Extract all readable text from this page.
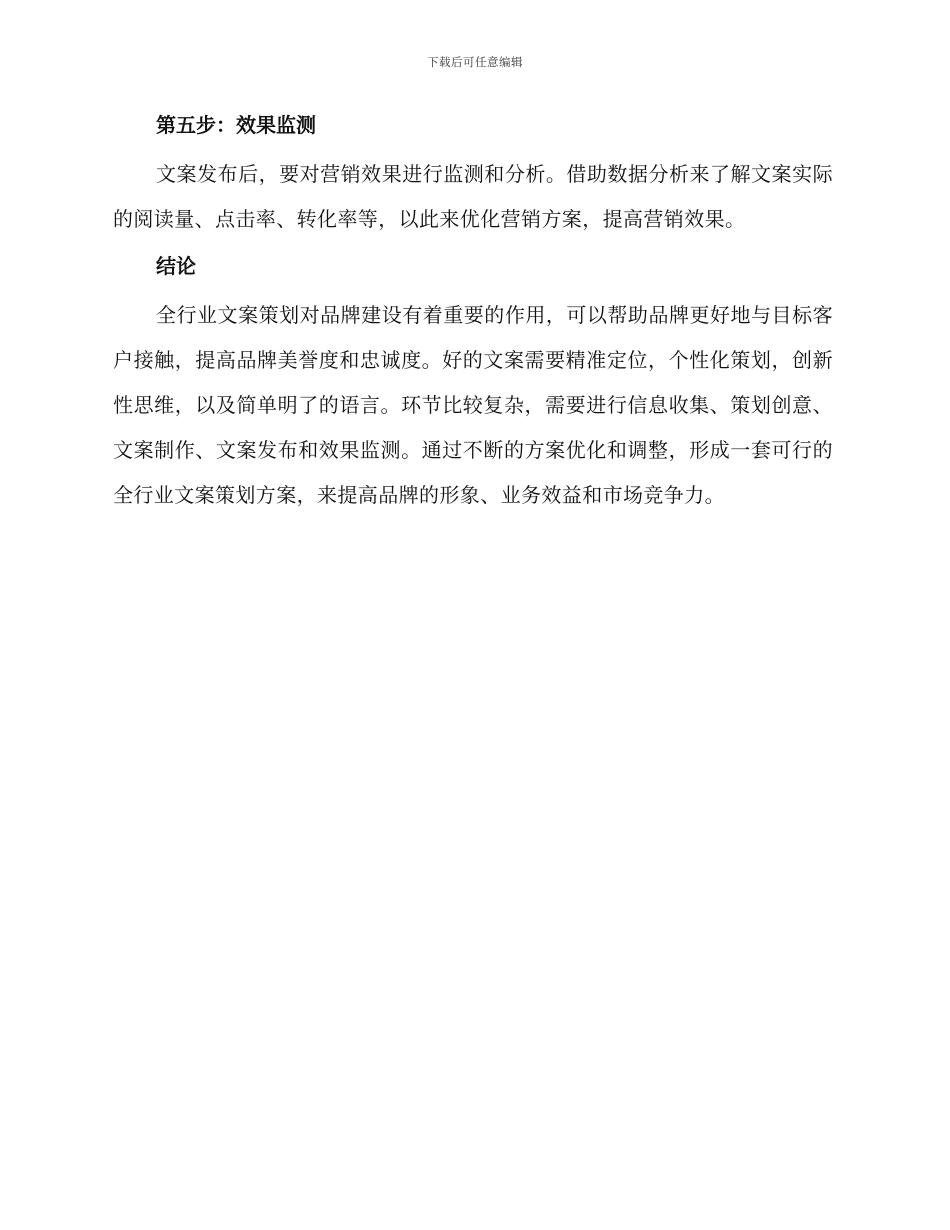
下载后可任意编辑
第五步：效果监测

文案发布后，要对营销效果进行监测和分析。借助数据分析来了解文案实际的阅读量、点击率、转化率等，以此来优化营销方案，提高营销效果。

结论

全行业文案策划对品牌建设有着重要的作用，可以帮助品牌更好地与目标客户接触，提高品牌美誉度和忠诚度。好的文案需要精准定位，个性化策划，创新性思维，以及简单明了的语言。环节比较复杂，需要进行信息收集、策划创意、文案制作、文案发布和效果监测。通过不断的方案优化和调整，形成一套可行的全行业文案策划方案，来提高品牌的形象、业务效益和市场竞争力。
